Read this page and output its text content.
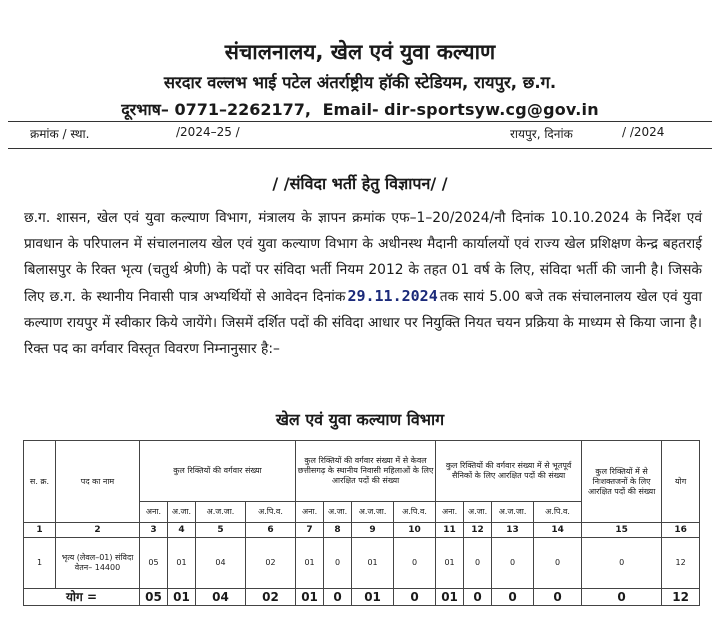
संचालनालय, खेल एवं युवा कल्याण
सरदार वल्लभ भाई पटेल अंतर्राष्ट्रीय हॉकी स्टेडियम, रायपुर, छ.ग.
दूरभाष– 0771–2262177, Email- dir-sportsyw.cg@gov.in
क्रमांक / स्था.	/2024–25 /	रायपुर, दिनांक	/ /2024
/ /संविदा भर्ती हेतु विज्ञापन/ /
छ.ग. शासन, खेल एवं युवा कल्याण विभाग, मंत्रालय के ज्ञापन क्रमांक एफ–1–20/2024/नौ दिनांक 10.10.2024 के निर्देश एवं प्रावधान के परिपालन में संचालनालय खेल एवं युवा कल्याण विभाग के अधीनस्थ मैदानी कार्यालयों एवं राज्य खेल प्रशिक्षण केन्द्र बहतराई बिलासपुर के रिक्त भृत्य (चतुर्थ श्रेणी) के पदों पर संविदा भर्ती नियम 2012 के तहत 01 वर्ष के लिए, संविदा भर्ती की जानी है। जिसके लिए छ.ग. के स्थानीय निवासी पात्र अभ्यर्थियों से आवेदन दिनांक 29.11.2024 तक सायं 5.00 बजे तक संचालनालय खेल एवं युवा कल्याण रायपुर में स्वीकार किये जायेंगे। जिसमें दर्शित पदों की संविदा आधार पर नियुक्ति नियत चयन प्रक्रिया के माध्यम से किया जाना है। रिक्त पद का वर्गवार विस्तृत विवरण निम्नानुसार है:–
खेल एवं युवा कल्याण विभाग
स. क्र.	पद का नाम	कुल रिक्तियों की वर्गवार संख्या				कुल रिक्तियों की वर्गवार संख्या में से केवल छत्तीसगढ़ के स्थानीय निवासी महिलाओं के लिए आरक्षित पदों की संख्या				कुल रिक्तियों की वर्गवार संख्या में से भूतपूर्व सैनिकों के लिए आरक्षित पदों की संख्या				कुल रिक्तियों में से निःशक्तजनों के लिए आरक्षित पदों की संख्या	योग
		अना.	अ.जा.	अ.ज.जा.	अ.पि.व.	अना.	अ.जा.	अ.ज.जा.	अ.पि.व.	अना.	अ.जा.	अ.ज.जा.	अ.पि.व.		
1	2	3	4	5	6	7	8	9	10	11	12	13	14	15	16
1	भृत्य (लेवल–01) संविदा वेतन– 14400	05	01	04	02	01	0	01	0	01	0	0	0	0	12
योग =		05	01	04	02	01	0	01	0	01	0	0	0	0	12
